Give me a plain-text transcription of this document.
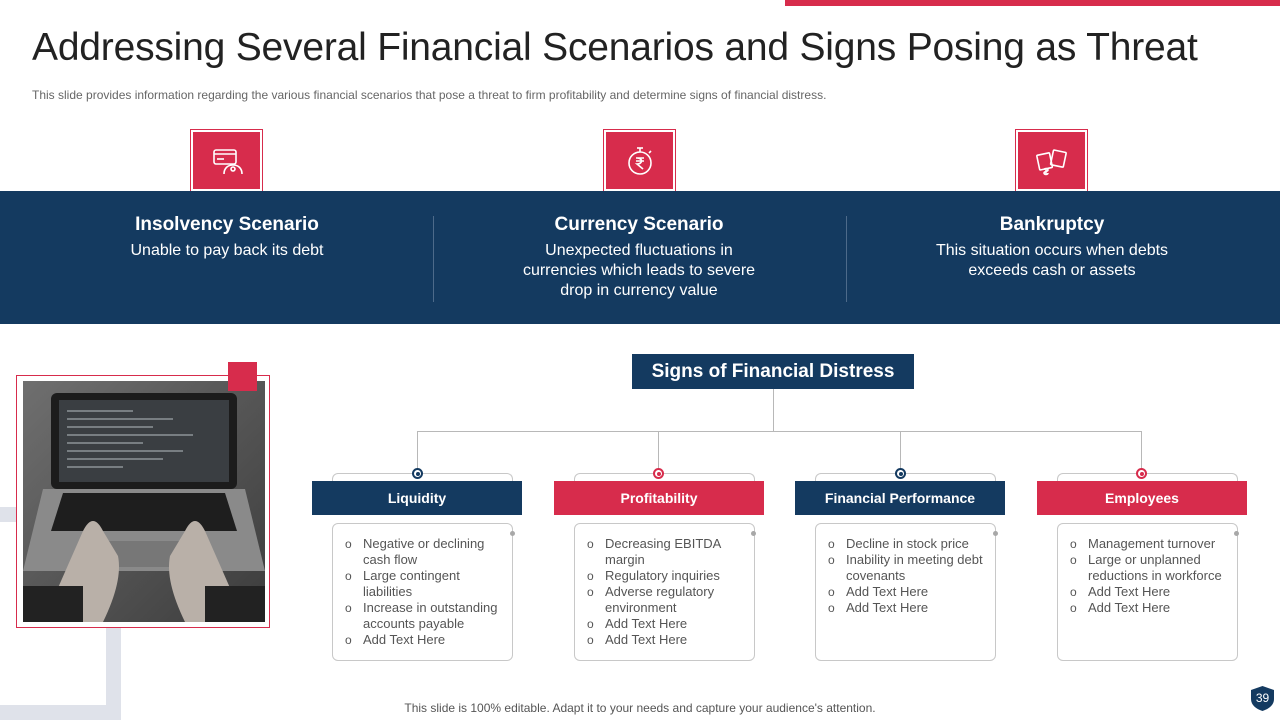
Addressing Several Financial Scenarios and Signs Posing as Threat
This slide provides information regarding the various financial scenarios that pose a threat to firm profitability and determine signs of financial distress.
Insolvency Scenario
Unable to pay back its debt
Currency Scenario
Unexpected fluctuations in currencies which leads to severe drop in currency value
Bankruptcy
This situation occurs when debts exceeds cash or assets
Signs of Financial Distress
Liquidity
o Negative or declining cash flow
o Large contingent liabilities
o Increase in outstanding accounts payable
o Add Text Here
Profitability
o Decreasing EBITDA margin
o Regulatory inquiries
o Adverse regulatory environment
o Add Text Here
o Add Text Here
Financial Performance
o Decline in stock price
o Inability in meeting debt covenants
o Add Text Here
o Add Text Here
Employees
o Management turnover
o Large or unplanned reductions in workforce
o Add Text Here
o Add Text Here
This slide is 100% editable. Adapt it to your needs and capture your audience's attention.
39
